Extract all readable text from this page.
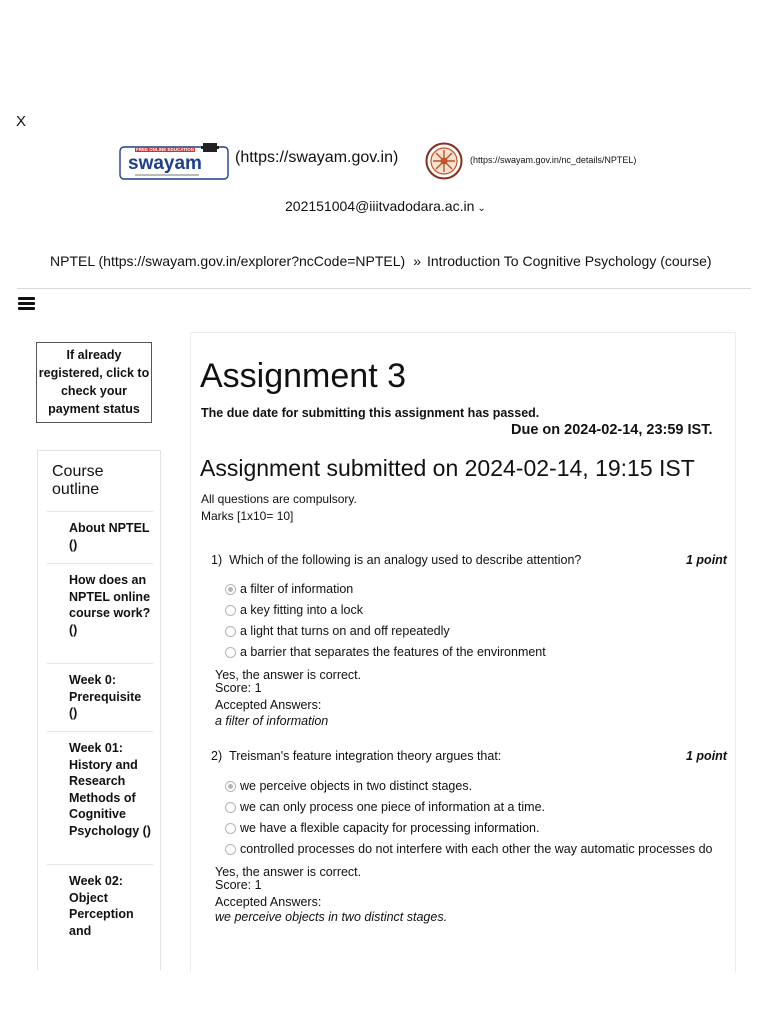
X
FREE ONLINE EDUCATION
swayam (https://swayam.gov.in)	(https://swayam.gov.in/nc_details/NPTEL)
202151004@iiitvadodara.ac.in ⌄
NPTEL (https://swayam.gov.in/explorer?ncCode=NPTEL) » Introduction To Cognitive Psychology (course)
If already registered, click to check your payment status
Course outline
About NPTEL ()
How does an NPTEL online course work? ()
Week 0: Prerequisite ()
Week 01: History and Research Methods of Cognitive Psychology ()
Week 02: Object Perception and
Assignment 3
The due date for submitting this assignment has passed.
Due on 2024-02-14, 23:59 IST.
Assignment submitted on 2024-02-14, 19:15 IST
All questions are compulsory.
Marks [1x10= 10]
1) Which of the following is an analogy used to describe attention?	1 point
a filter of information
a key fitting into a lock
a light that turns on and off repeatedly
a barrier that separates the features of the environment
Yes, the answer is correct.
Score: 1
Accepted Answers:
a filter of information
2) Treisman's feature integration theory argues that:	1 point
we perceive objects in two distinct stages.
we can only process one piece of information at a time.
we have a flexible capacity for processing information.
controlled processes do not interfere with each other the way automatic processes do
Yes, the answer is correct.
Score: 1
Accepted Answers:
we perceive objects in two distinct stages.
